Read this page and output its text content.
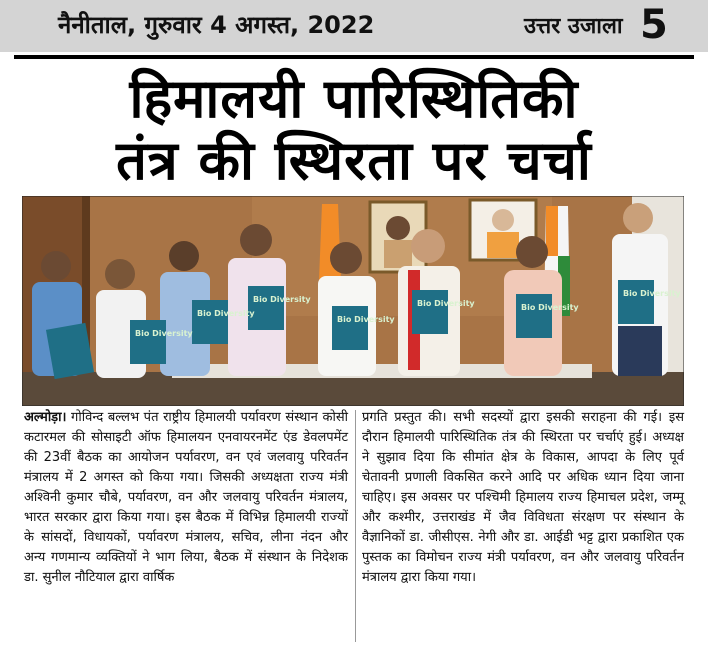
नैनीताल, गुरुवार 4 अगस्त, 2022	उत्तर उजाला 5
हिमालयी पारिस्थितिकी
तंत्र की स्थिरता पर चर्चा
Bio Diversity
Bio Diversity
Bio Diversity
Bio Diversity
Bio Diversity	Bio Diversity
Bio Diversity
अल्मोड़ा। गोविन्द बल्लभ पंत राष्ट्रीय हिमालयी पर्यावरण संस्थान कोसी कटारमल की सोसाइटी ऑफ हिमालयन एनवायरनमेंट एंड डेवलपमेंट की 23वीं बैठक का आयोजन पर्यावरण, वन एवं जलवायु परिवर्तन मंत्रालय में 2 अगस्त को किया गया। जिसकी अध्यक्षता राज्य मंत्री अश्विनी कुमार चौबे, पर्यावरण, वन और जलवायु परिवर्तन मंत्रालय, भारत सरकार द्वारा किया गया। इस बैठक में विभिन्न हिमालयी राज्यों के सांसदों, विधायकों, पर्यावरण मंत्रालय, सचिव, लीना नंदन और अन्य गणमान्य व्यक्तियों ने भाग लिया, बैठक में संस्थान के निदेशक डा. सुनील नौटियाल द्वारा वार्षिक
प्रगति प्रस्तुत की। सभी सदस्यों द्वारा इसकी सराहना की गई। इस दौरान हिमालयी पारिस्थितिक तंत्र की स्थिरता पर चर्चाएं हुई। अध्यक्ष ने सुझाव दिया कि सीमांत क्षेत्र के विकास, आपदा के लिए पूर्व चेतावनी प्रणाली विकसित करने आदि पर अधिक ध्यान दिया जाना चाहिए। इस अवसर पर पश्चिमी हिमालय राज्य हिमाचल प्रदेश, जम्मू और कश्मीर, उत्तराखंड में जैव विविधता संरक्षण पर संस्थान के वैज्ञानिकों डा. जीसीएस. नेगी और डा. आईडी भट्ट द्वारा प्रकाशित एक पुस्तक का विमोचन राज्य मंत्री पर्यावरण, वन और जलवायु परिवर्तन मंत्रालय द्वारा किया गया।
